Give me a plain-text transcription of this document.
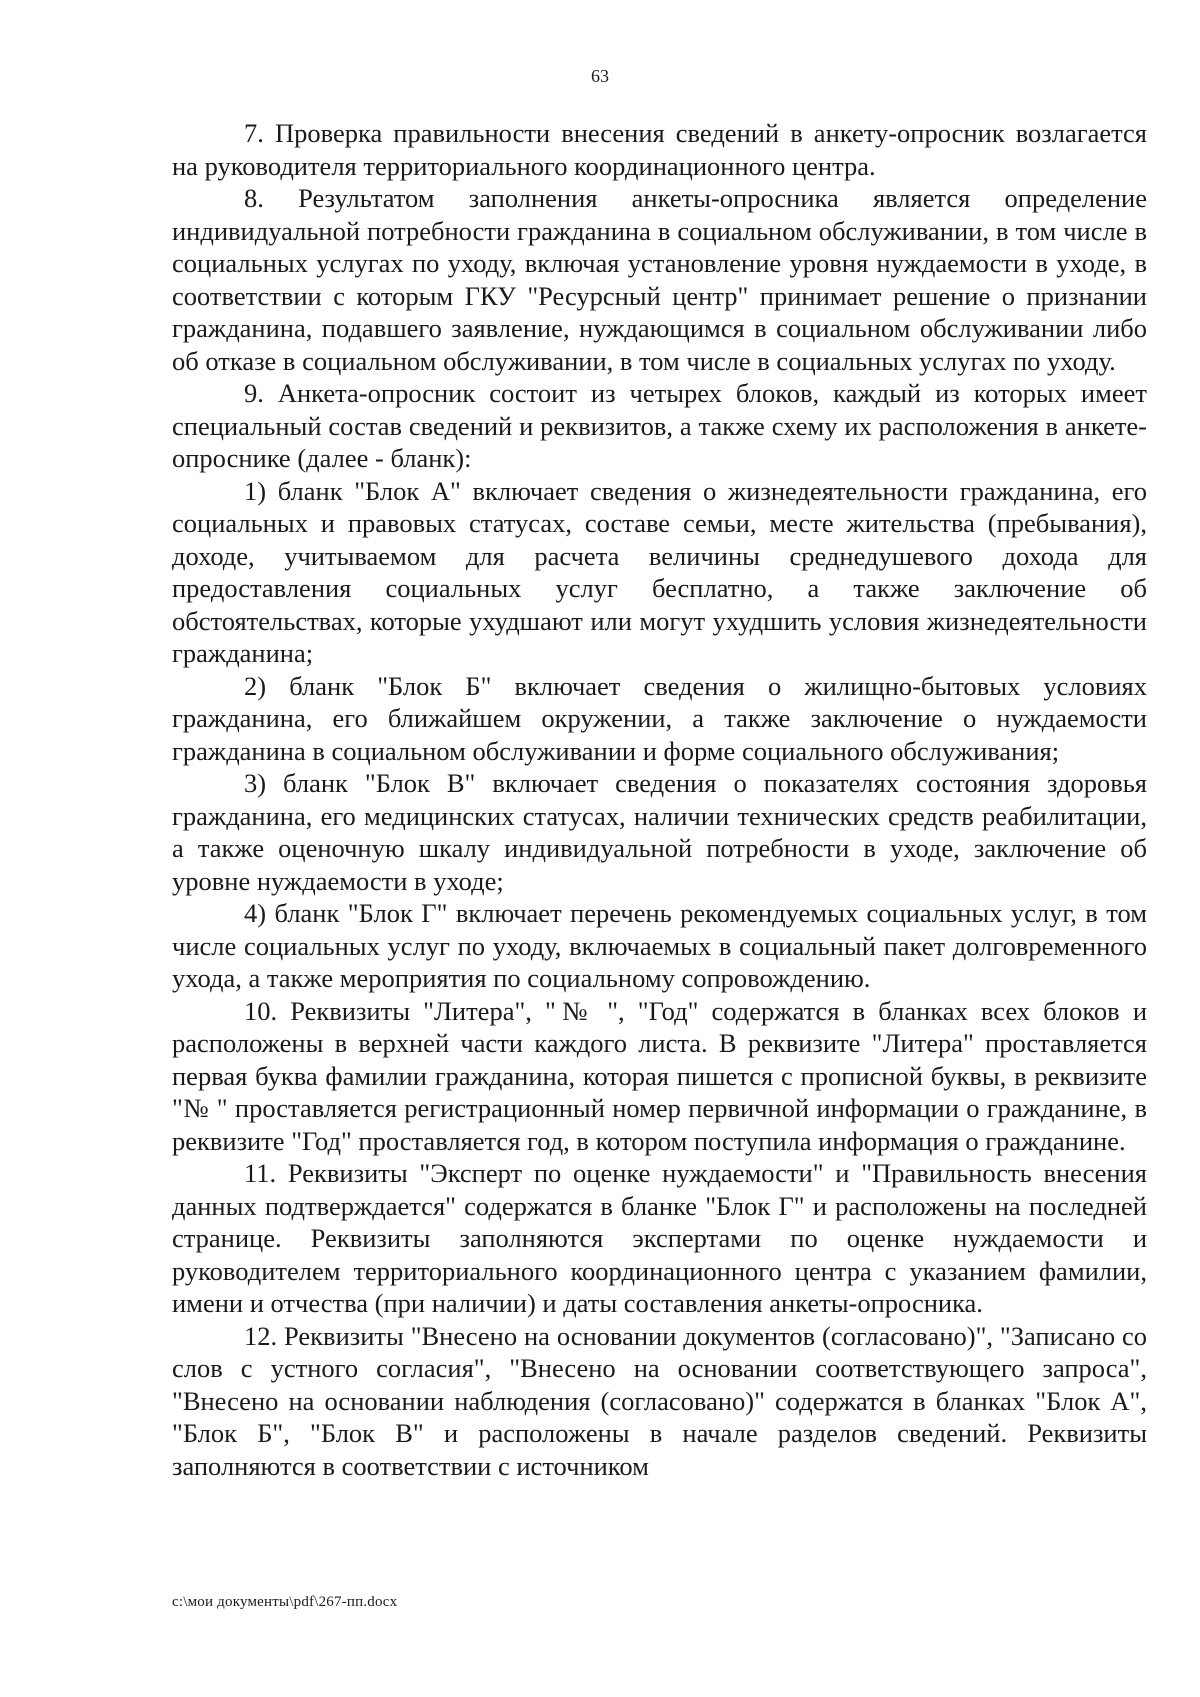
63

7. Проверка правильности внесения сведений в анкету-опросник возлагается на руководителя территориального координационного центра.

8. Результатом заполнения анкеты-опросника является определение индивидуальной потребности гражданина в социальном обслуживании, в том числе в социальных услугах по уходу, включая установление уровня нуждаемости в уходе, в соответствии с которым ГКУ "Ресурсный центр" принимает решение о признании гражданина, подавшего заявление, нуждающимся в социальном обслуживании либо об отказе в социальном обслуживании, в том числе в социальных услугах по уходу.

9. Анкета-опросник состоит из четырех блоков, каждый из которых имеет специальный состав сведений и реквизитов, а также схему их расположения в анкете-опроснике (далее - бланк):

1) бланк "Блок А" включает сведения о жизнедеятельности гражданина, его социальных и правовых статусах, составе семьи, месте жительства (пребывания), доходе, учитываемом для расчета величины среднедушевого дохода для предоставления социальных услуг бесплатно, а также заключение об обстоятельствах, которые ухудшают или могут ухудшить условия жизнедеятельности гражданина;

2) бланк "Блок Б" включает сведения о жилищно-бытовых условиях гражданина, его ближайшем окружении, а также заключение о нуждаемости гражданина в социальном обслуживании и форме социального обслуживания;

3) бланк "Блок В" включает сведения о показателях состояния здоровья гражданина, его медицинских статусах, наличии технических средств реабилитации, а также оценочную шкалу индивидуальной потребности в уходе, заключение об уровне нуждаемости в уходе;

4) бланк "Блок Г" включает перечень рекомендуемых социальных услуг, в том числе социальных услуг по уходу, включаемых в социальный пакет долговременного ухода, а также мероприятия по социальному сопровождению.

10. Реквизиты "Литера", "№ ", "Год" содержатся в бланках всех блоков и расположены в верхней части каждого листа. В реквизите "Литера" проставляется первая буква фамилии гражданина, которая пишется с прописной буквы, в реквизите "№ " проставляется регистрационный номер первичной информации о гражданине, в реквизите "Год" проставляется год, в котором поступила информация о гражданине.

11. Реквизиты "Эксперт по оценке нуждаемости" и "Правильность внесения данных подтверждается" содержатся в бланке "Блок Г" и расположены на последней странице. Реквизиты заполняются экспертами по оценке нуждаемости и руководителем территориального координационного центра с указанием фамилии, имени и отчества (при наличии) и даты составления анкеты-опросника.

12. Реквизиты "Внесено на основании документов (согласовано)", "Записано со слов с устного согласия", "Внесено на основании соответствующего запроса", "Внесено на основании наблюдения (согласовано)" содержатся в бланках "Блок А", "Блок Б", "Блок В" и расположены в начале разделов сведений. Реквизиты заполняются в соответствии с источником

c:\мои документы\pdf\267-пп.docx
